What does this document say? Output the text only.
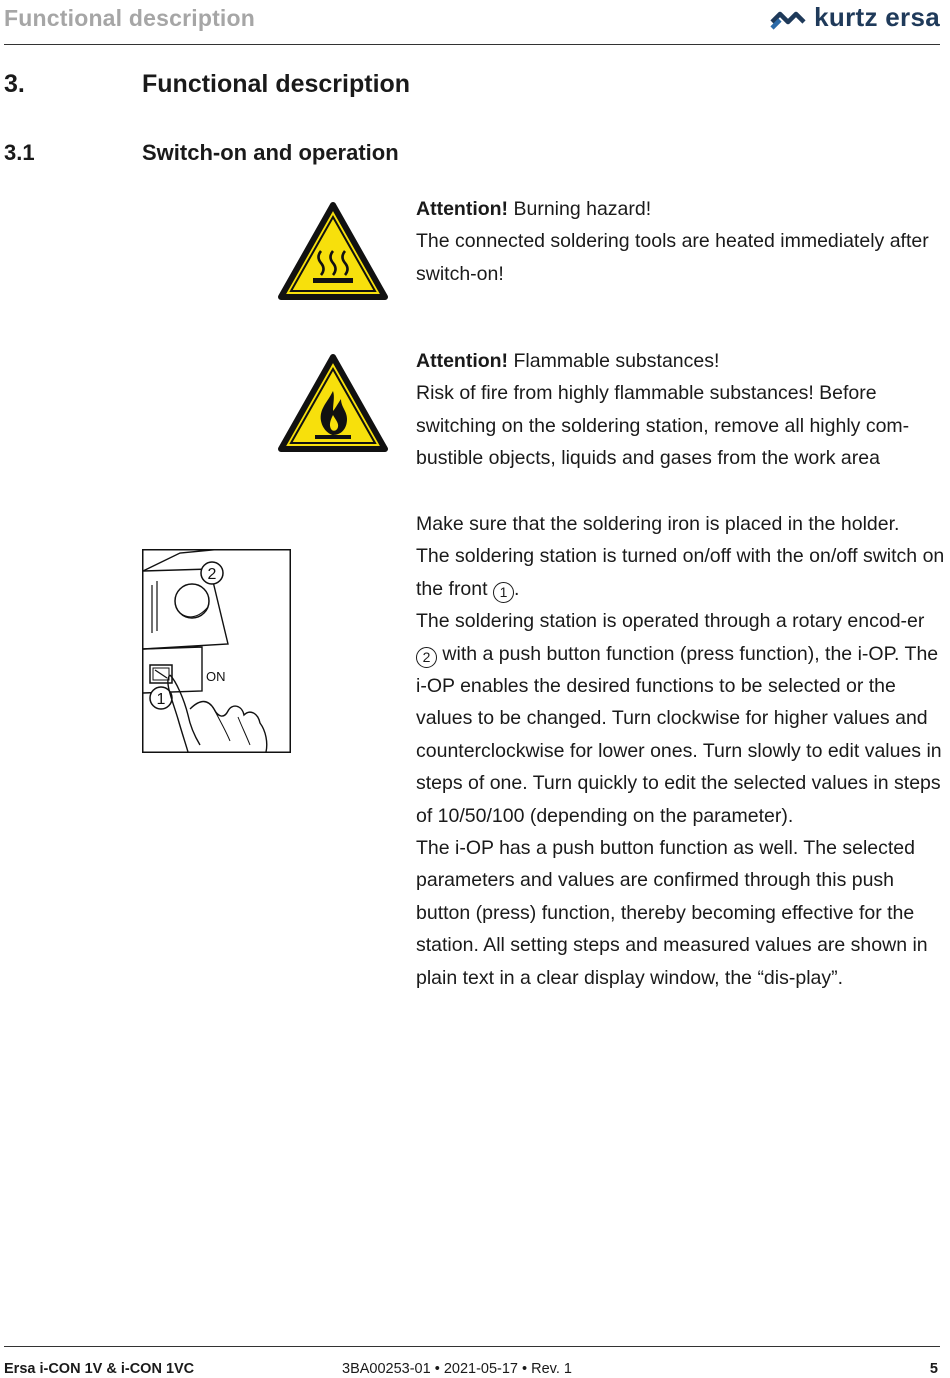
Functional description	kurtz ersa
3.	Functional description
3.1	Switch-on and operation

Attention! Burning hazard!

The connected soldering tools are heated immediately after switch-on!

Attention! Flammable substances!

Risk of fire from highly flammable substances! Before switching on the soldering station, remove all highly com-bustible objects, liquids and gases from the work area

2
ON
1

Make sure that the soldering iron is placed in the holder.

The soldering station is turned on/off with the on/off switch on the front 1 .

The soldering station is operated through a rotary encod-er 2 with a push button function (press function), the i-OP. The i-OP enables the desired functions to be selected or the values to be changed. Turn clockwise for higher values and counterclockwise for lower ones. Turn slowly to edit values in steps of one. Turn quickly to edit the selected values in steps of 10/50/100 (depending on the parameter).

The i-OP has a push button function as well. The selected parameters and values are confirmed through this push button (press) function, thereby becoming effective for the station. All setting steps and measured values are shown in plain text in a clear display window, the “dis-play”.

Ersa i-CON 1V & i-CON 1VC	3BA00253-01 • 2021-05-17 • Rev. 1	5
